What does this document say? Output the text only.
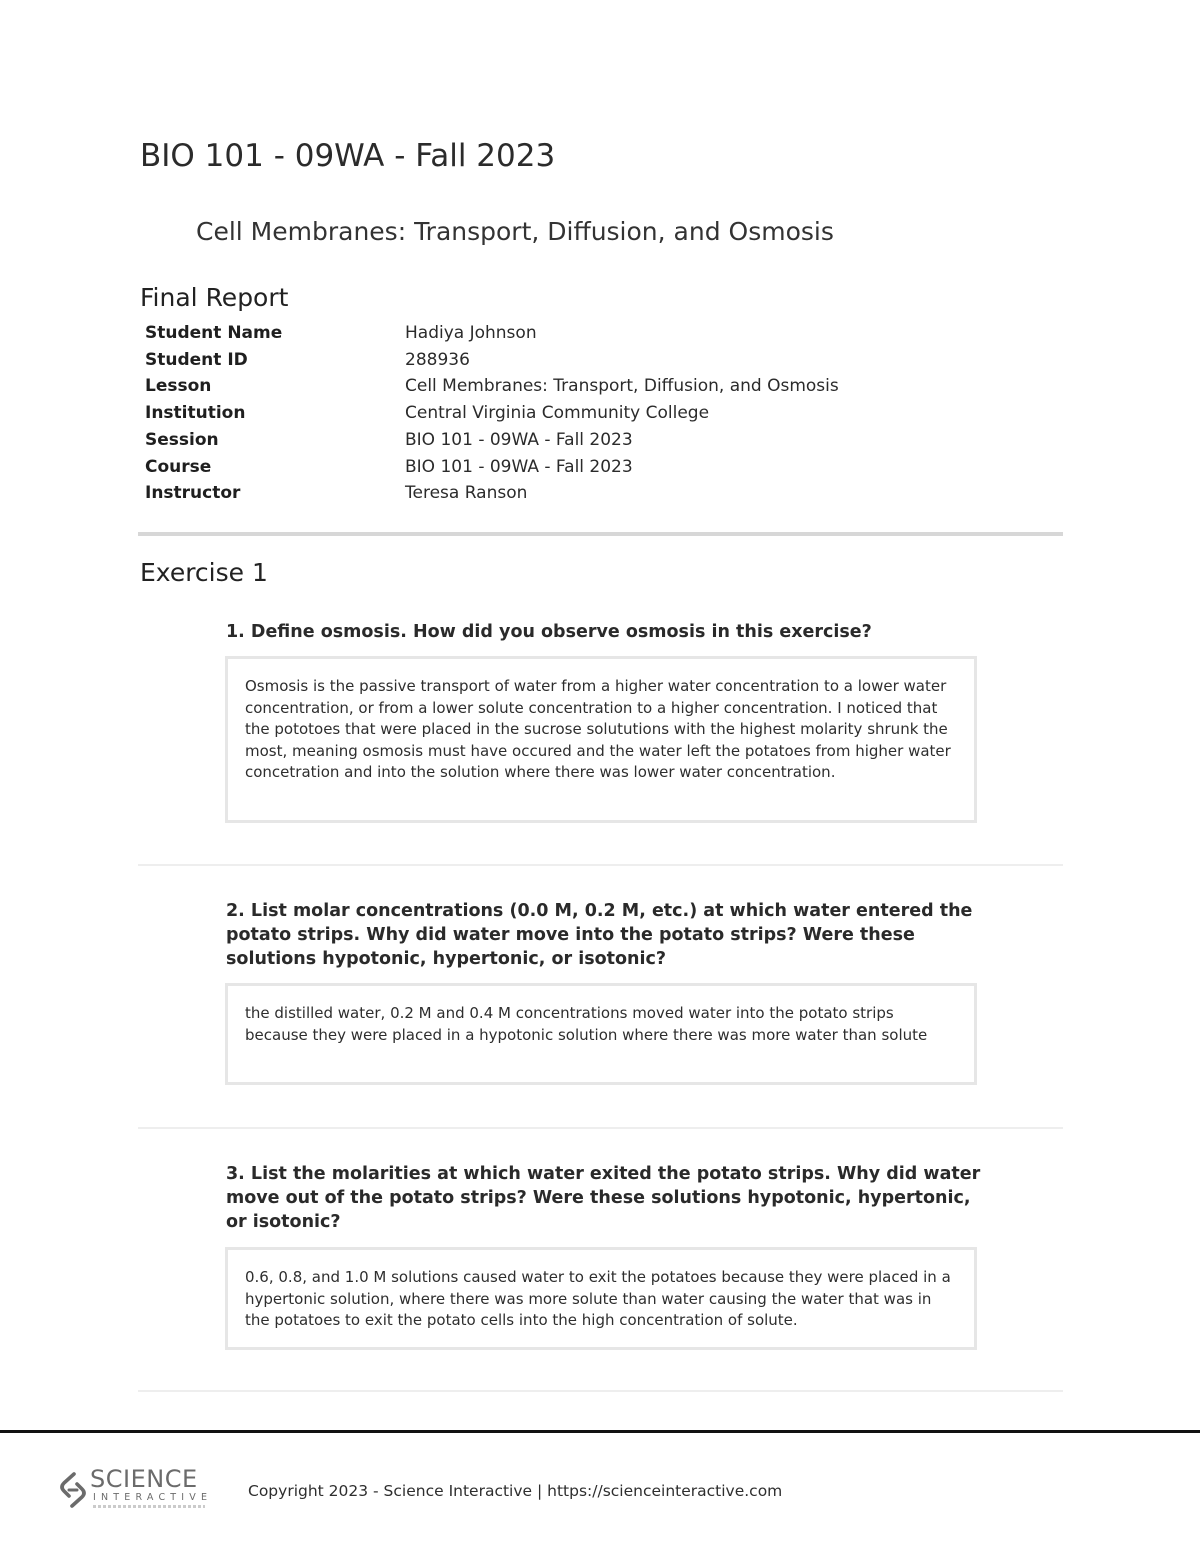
BIO 101 - 09WA - Fall 2023
Cell Membranes: Transport, Diffusion, and Osmosis
Final Report
Student Name	Hadiya Johnson
Student ID	288936
Lesson	Cell Membranes: Transport, Diffusion, and Osmosis
Institution	Central Virginia Community College
Session	BIO 101 - 09WA - Fall 2023
Course	BIO 101 - 09WA - Fall 2023
Instructor	Teresa Ranson
Exercise 1

1. Define osmosis. How did you observe osmosis in this exercise?

Osmosis is the passive transport of water from a higher water concentration to a lower water concentration, or from a lower solute concentration to a higher concentration. I noticed that the pototoes that were placed in the sucrose solututions with the highest molarity shrunk the most, meaning osmosis must have occured and the water left the potatoes from higher water concetration and into the solution where there was lower water concentration.

2. List molar concentrations (0.0 M, 0.2 M, etc.) at which water entered the potato strips. Why did water move into the potato strips? Were these solutions hypotonic, hypertonic, or isotonic?

the distilled water, 0.2 M and 0.4 M concentrations moved water into the potato strips because they were placed in a hypotonic solution where there was more water than solute

3. List the molarities at which water exited the potato strips. Why did water move out of the potato strips? Were these solutions hypotonic, hypertonic, or isotonic?

0.6, 0.8, and 1.0 M solutions caused water to exit the potatoes because they were placed in a hypertonic solution, where there was more solute than water causing the water that was in the potatoes to exit the potato cells into the high concentration of solute.
SCIENCE
INTERACTIVE Copyright 2023 - Science Interactive | https://scienceinteractive.com
